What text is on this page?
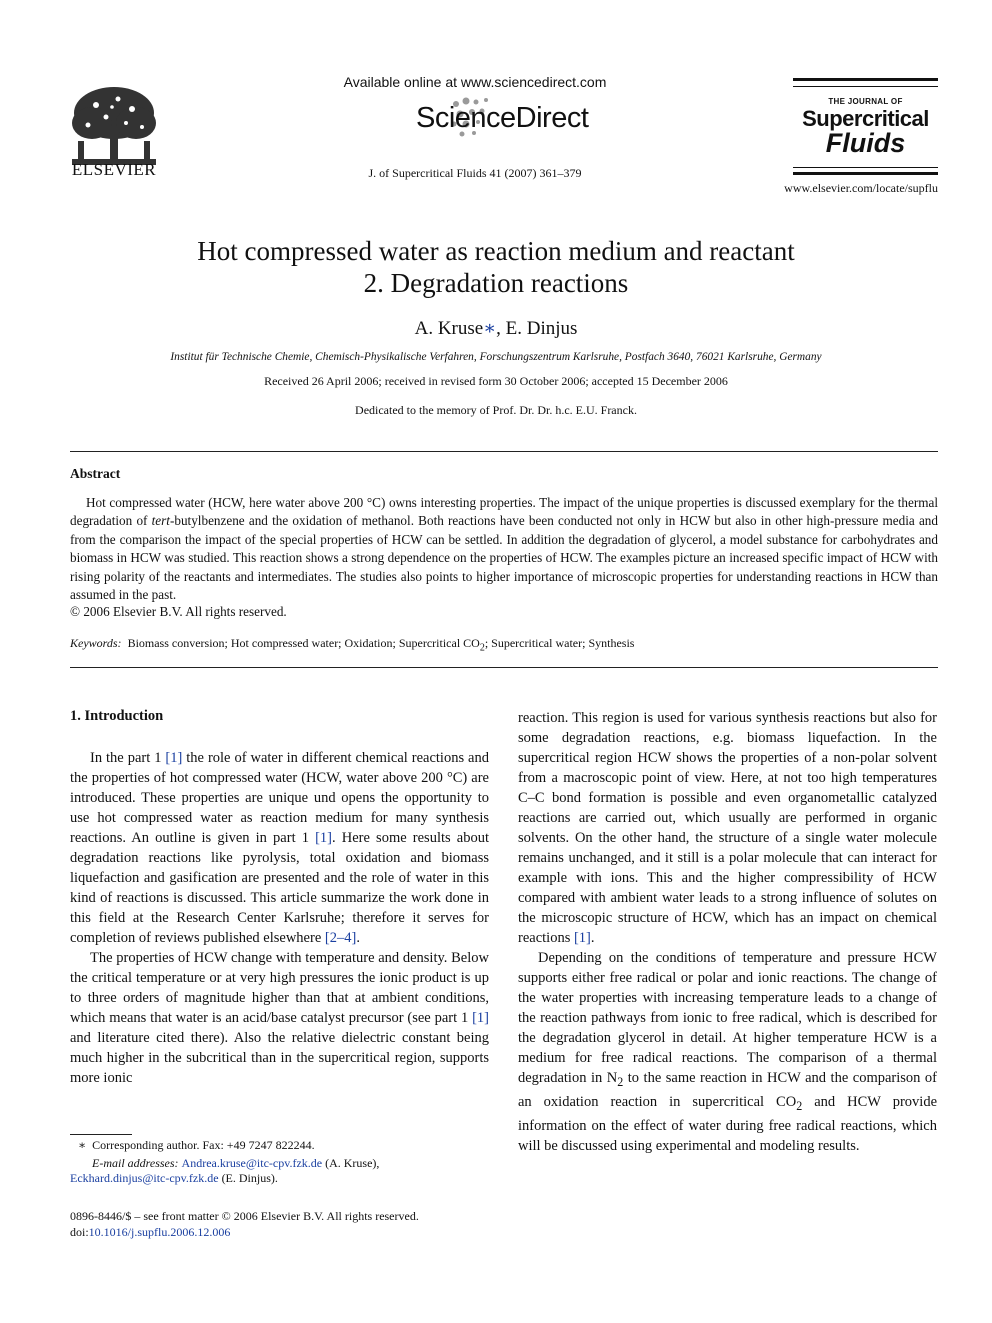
ELSEVIER
Available online at www.sciencedirect.com
ScienceDirect
J. of Supercritical Fluids 41 (2007) 361–379
THE JOURNAL OF
Supercritical
Fluids
www.elsevier.com/locate/supflu
Hot compressed water as reaction medium and reactant
2. Degradation reactions
A. Kruse∗, E. Dinjus
Institut für Technische Chemie, Chemisch-Physikalische Verfahren, Forschungszentrum Karlsruhe, Postfach 3640, 76021 Karlsruhe, Germany
Received 26 April 2006; received in revised form 30 October 2006; accepted 15 December 2006
Dedicated to the memory of Prof. Dr. Dr. h.c. E.U. Franck.
Abstract
Hot compressed water (HCW, here water above 200 °C) owns interesting properties. The impact of the unique properties is discussed exemplary for the thermal degradation of tert-butylbenzene and the oxidation of methanol. Both reactions have been conducted not only in HCW but also in other high-pressure media and from the comparison the impact of the special properties of HCW can be settled. In addition the degradation of glycerol, a model substance for carbohydrates and biomass in HCW was studied. This reaction shows a strong dependence on the properties of HCW. The examples picture an increased specific impact of HCW with rising polarity of the reactants and intermediates. The studies also points to higher importance of microscopic properties for understanding reactions in HCW than assumed in the past.
© 2006 Elsevier B.V. All rights reserved.
Keywords: Biomass conversion; Hot compressed water; Oxidation; Supercritical $CO_2$; Supercritical water; Synthesis
1. Introduction

In the part 1 [1] the role of water in different chemical reactions and the properties of hot compressed water (HCW, water above 200 °C) are introduced. These properties are unique und opens the opportunity to use hot compressed water as reaction medium for many synthesis reactions. An outline is given in part 1 [1]. Here some results about degradation reactions like pyrolysis, total oxidation and biomass liquefaction and gasification are presented and the role of water in this kind of reactions is discussed. This article summarize the work done in this field at the Research Center Karlsruhe; therefore it serves for completion of reviews published elsewhere [2–4].

The properties of HCW change with temperature and density. Below the critical temperature or at very high pressures the ionic product is up to three orders of magnitude higher than that at ambient conditions, which means that water is an acid/base catalyst precursor (see part 1 [1] and literature cited there). Also the relative dielectric constant being much higher in the subcritical than in the supercritical region, supports more ionic

reaction. This region is used for various synthesis reactions but also for some degradation reactions, e.g. biomass liquefaction. In the supercritical region HCW shows the properties of a non-polar solvent from a macroscopic point of view. Here, at not too high temperatures C–C bond formation is possible and even organometallic catalyzed reactions are carried out, which usually are performed in organic solvents. On the other hand, the structure of a single water molecule remains unchanged, and it still is a polar molecule that can interact for example with ions. This and the higher compressibility of HCW compared with ambient water leads to a strong influence of solutes on the microscopic structure of HCW, which has an impact on chemical reactions [1].

Depending on the conditions of temperature and pressure HCW supports either free radical or polar and ionic reactions. The change of the water properties with increasing temperature leads to a change of the reaction pathways from ionic to free radical, which is described for the degradation glycerol in detail. At higher temperature HCW is a medium for free radical reactions. The comparison of a thermal degradation in $N_2$ to the same reaction in HCW and the comparison of an oxidation reaction in supercritical $CO_2$ and HCW provide information on the effect of water during free radical reactions, which will be discussed using experimental and modeling results.

∗ Corresponding author. Fax: +49 7247 822244.
E-mail addresses: Andrea.kruse@itc-cpv.fzk.de (A. Kruse),
Eckhard.dinjus@itc-cpv.fzk.de (E. Dinjus).
0896-8446/$ – see front matter © 2006 Elsevier B.V. All rights reserved.
doi:10.1016/j.supflu.2006.12.006
